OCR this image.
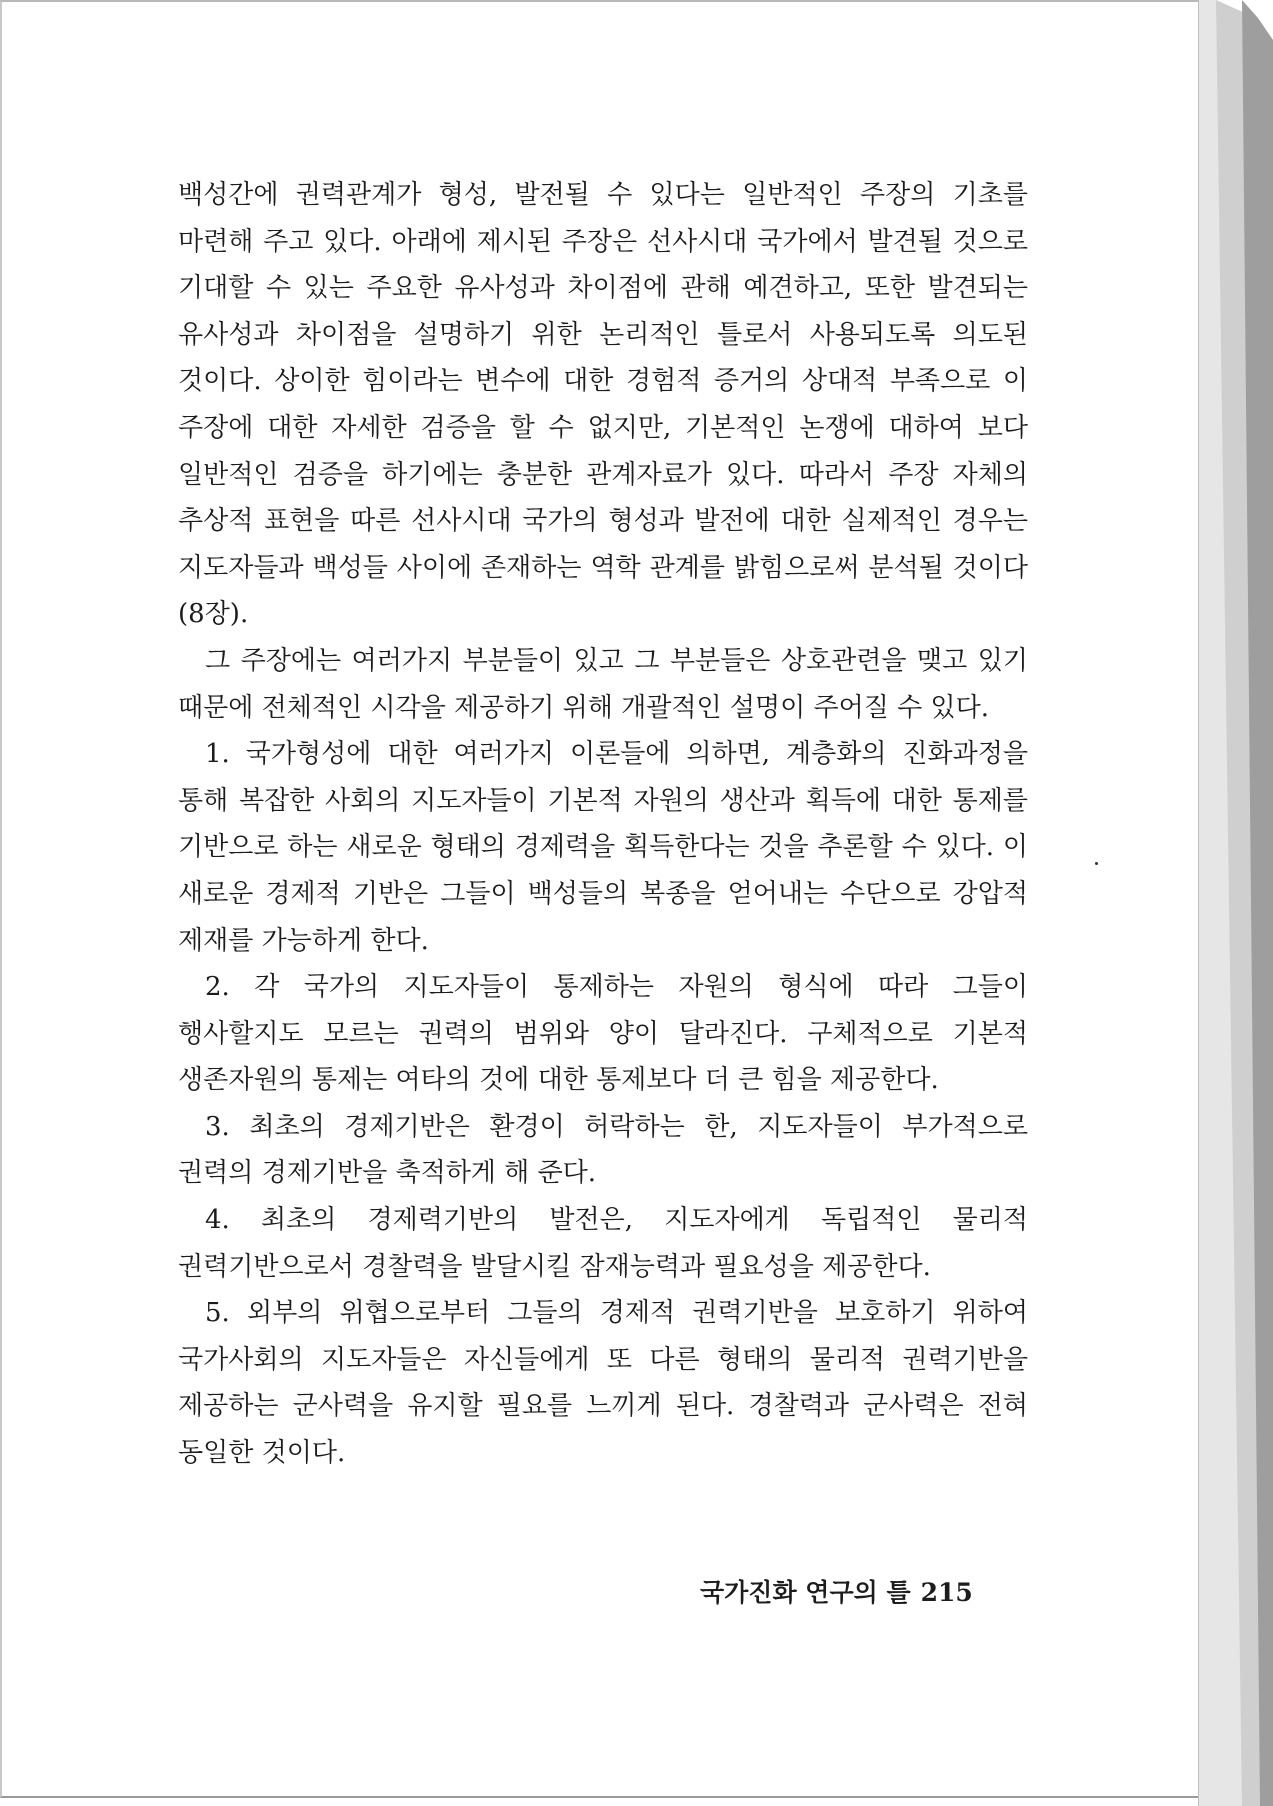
백성간에 권력관계가 형성, 발전될 수 있다는 일반적인 주장의 기초를 마련해 주고 있다. 아래에 제시된 주장은 선사시대 국가에서 발견될 것으로 기대할 수 있는 주요한 유사성과 차이점에 관해 예견하고, 또한 발견되는 유사성과 차이점을 설명하기 위한 논리적인 틀로서 사용되도록 의도된 것이다. 상이한 힘이라는 변수에 대한 경험적 증거의 상대적 부족으로 이 주장에 대한 자세한 검증을 할 수 없지만, 기본적인 논쟁에 대하여 보다 일반적인 검증을 하기에는 충분한 관계자료가 있다. 따라서 주장 자체의 추상적 표현을 따른 선사시대 국가의 형성과 발전에 대한 실제적인 경우는 지도자들과 백성들 사이에 존재하는 역학 관계를 밝힘으로써 분석될 것이다(8장).

그 주장에는 여러가지 부분들이 있고 그 부분들은 상호관련을 맺고 있기 때문에 전체적인 시각을 제공하기 위해 개괄적인 설명이 주어질 수 있다.

1. 국가형성에 대한 여러가지 이론들에 의하면, 계층화의 진화과정을 통해 복잡한 사회의 지도자들이 기본적 자원의 생산과 획득에 대한 통제를 기반으로 하는 새로운 형태의 경제력을 획득한다는 것을 추론할 수 있다. 이 새로운 경제적 기반은 그들이 백성들의 복종을 얻어내는 수단으로 강압적 제재를 가능하게 한다.

2. 각 국가의 지도자들이 통제하는 자원의 형식에 따라 그들이 행사할지도 모르는 권력의 범위와 양이 달라진다. 구체적으로 기본적 생존자원의 통제는 여타의 것에 대한 통제보다 더 큰 힘을 제공한다.

3. 최초의 경제기반은 환경이 허락하는 한, 지도자들이 부가적으로 권력의 경제기반을 축적하게 해 준다.

4. 최초의 경제력기반의 발전은, 지도자에게 독립적인 물리적 권력기반으로서 경찰력을 발달시킬 잠재능력과 필요성을 제공한다.

5. 외부의 위협으로부터 그들의 경제적 권력기반을 보호하기 위하여 국가사회의 지도자들은 자신들에게 또 다른 형태의 물리적 권력기반을 제공하는 군사력을 유지할 필요를 느끼게 된다. 경찰력과 군사력은 전혀 동일한 것이다.

국가진화 연구의 틀 215
